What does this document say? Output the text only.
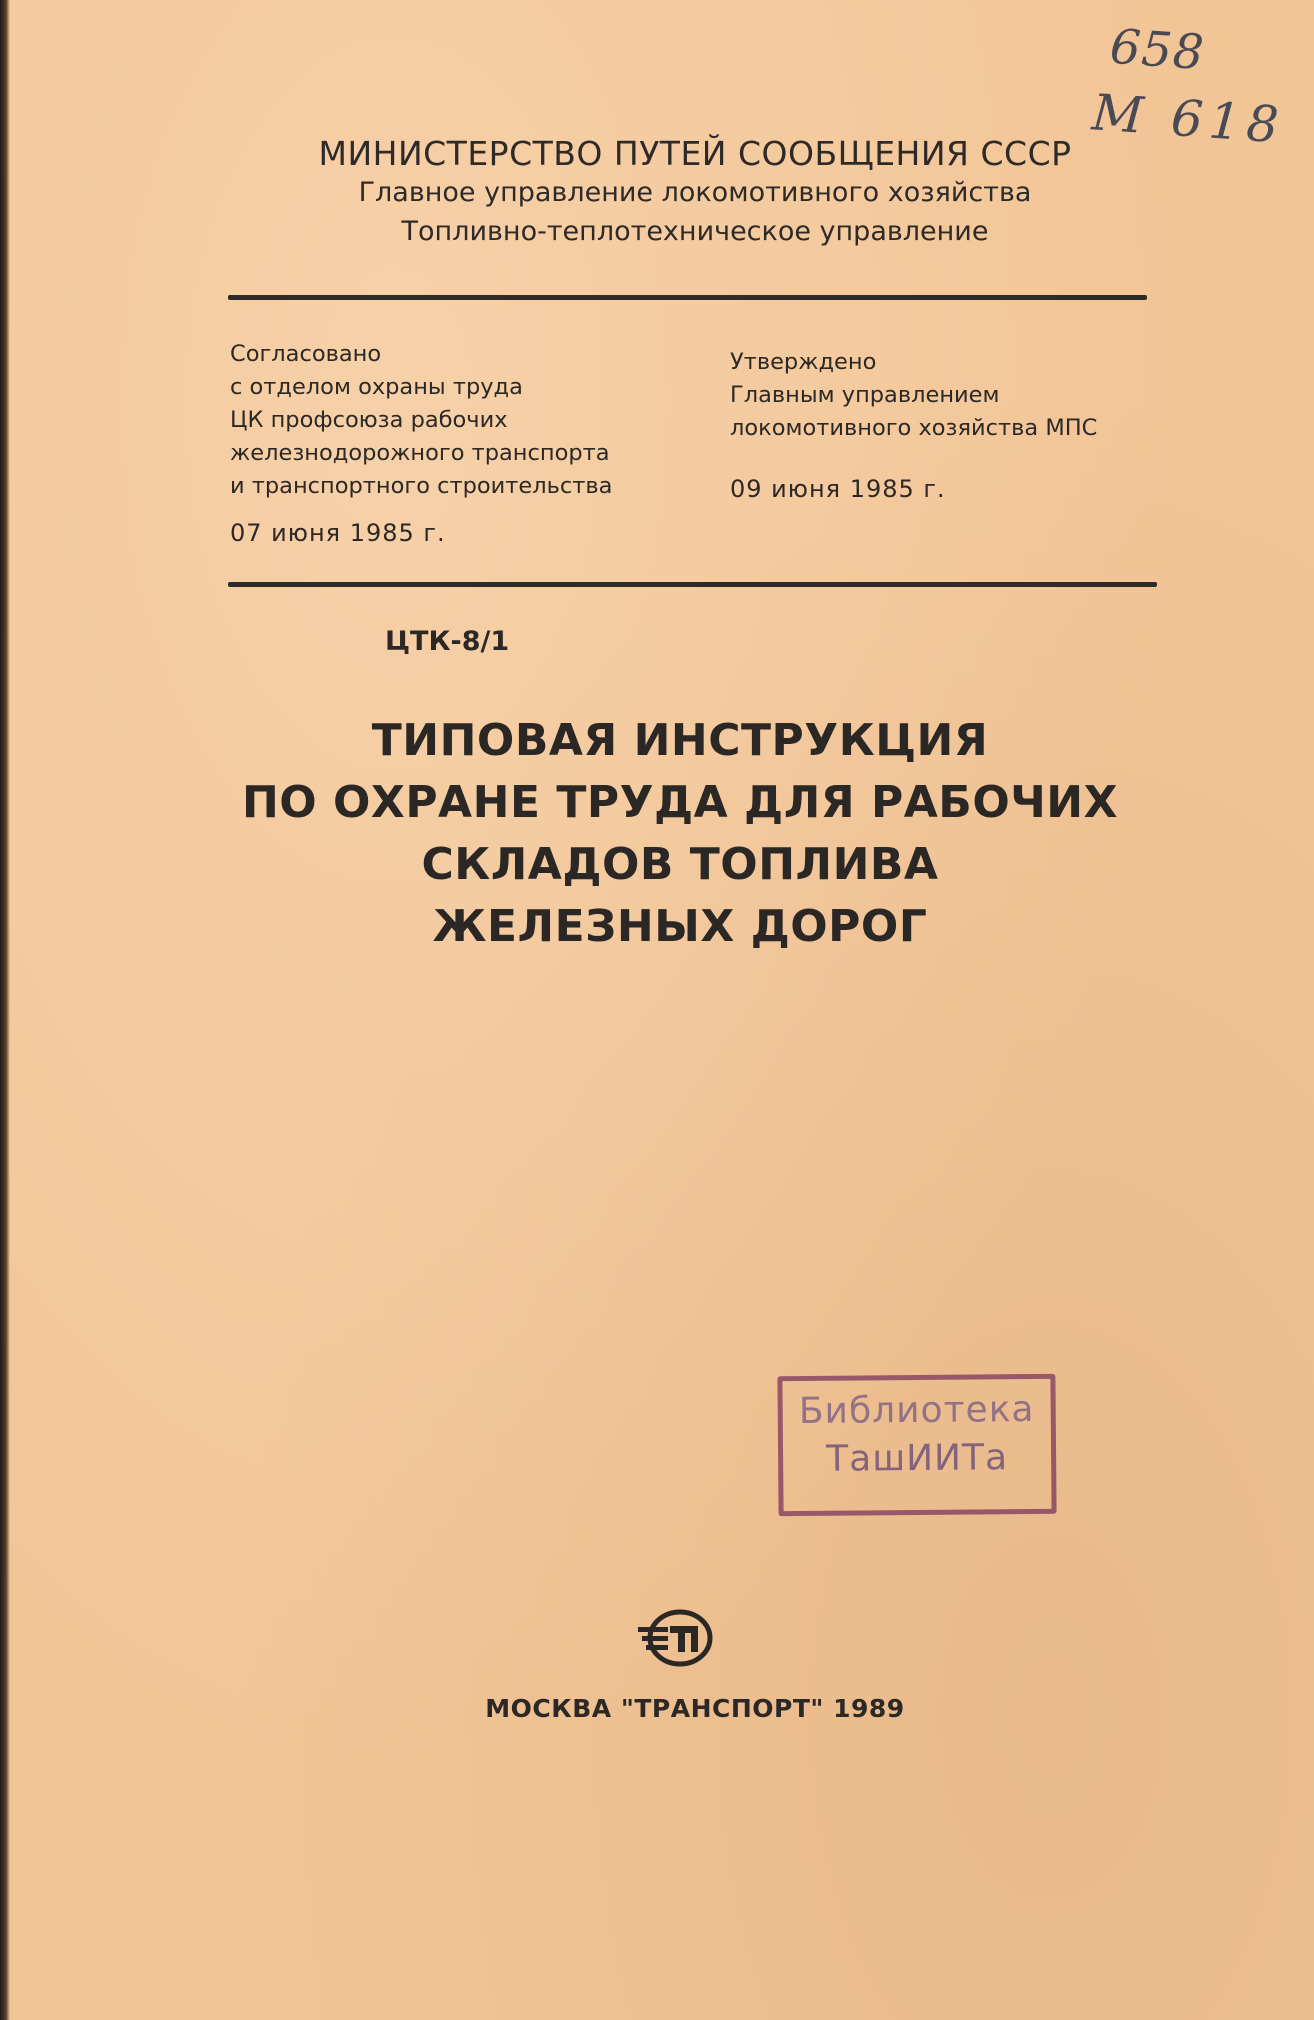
658
М 618
МИНИСТЕРСТВО ПУТЕЙ СООБЩЕНИЯ СССР
Главное управление локомотивного хозяйства
Топливно-теплотехническое управление
Согласовано
с отделом охраны труда
ЦК профсоюза рабочих
железнодорожного транспорта
и транспортного строительства
07 июня 1985 г.
Утверждено
Главным управлением
локомотивного хозяйства МПС
09 июня 1985 г.
ЦТК-8/1
ТИПОВАЯ ИНСТРУКЦИЯ
ПО ОХРАНЕ ТРУДА ДЛЯ РАБОЧИХ
СКЛАДОВ ТОПЛИВА
ЖЕЛЕЗНЫХ ДОРОГ
Библиотека
ТашИИТа
МОСКВА "ТРАНСПОРТ" 1989
